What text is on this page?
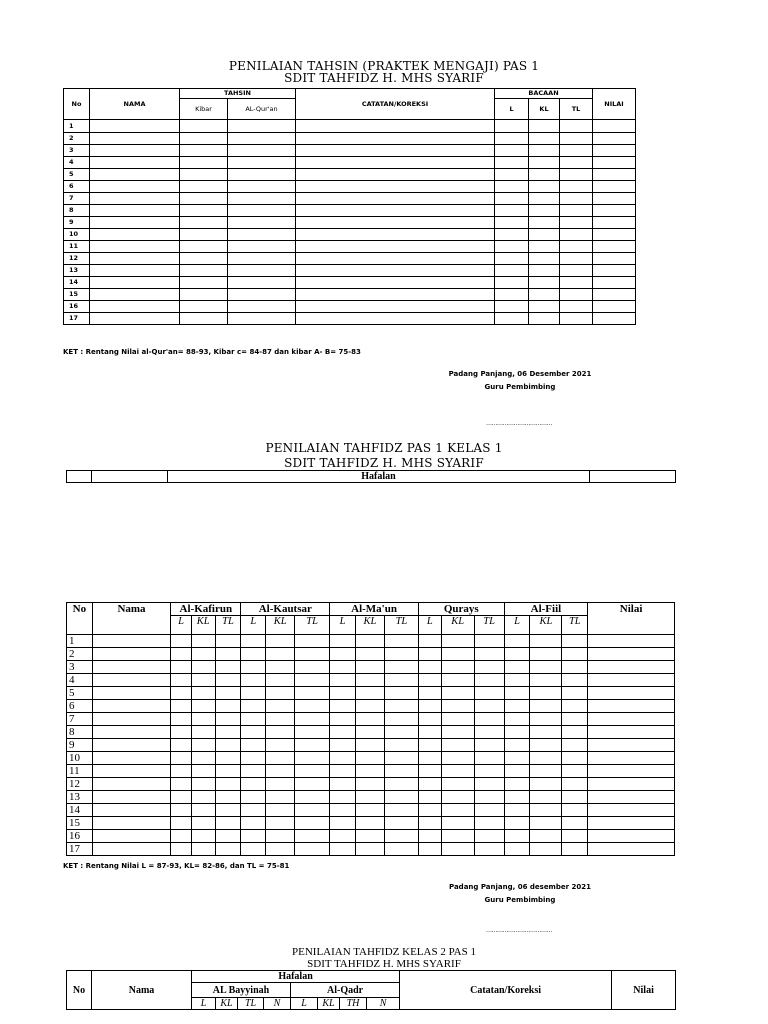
PENILAIAN TAHSIN (PRAKTEK MENGAJI) PAS 1
SDIT TAHFIDZ H. MHS SYARIF
No	NAMA	TAHSIN		CATATAN/KOREKSI	BACAAN			NILAI
		Kibar	AL-Qur'an		L	KL	TL	
1								
2								
3								
4								
5								
6								
7								
8								
9								
10								
11								
12								
13								
14								
15								
16								
17								
KET : Rentang Nilai al-Qur'an= 88-93, Kibar c= 84-87 dan kibar A- B= 75-83
Padang Panjang, 06 Desember 2021
Guru Pembimbing
………………………………
PENILAIAN TAHFIDZ PAS 1 KELAS 1
SDIT TAHFIDZ H. MHS SYARIF
		Hafalan	
No	Nama	Al-Kafirun			Al-Kautsar			Al-Ma'un			Qurays			Al-Fiil			Nilai
		L	KL	TL	L	KL	TL	L	KL	TL	L	KL	TL	L	KL	TL	
1																	
2																	
3																	
4																	
5																	
6																	
7																	
8																	
9																	
10																	
11																	
12																	
13																	
14																	
15																	
16																	
17																	
KET : Rentang Nilai L = 87-93, KL= 82-86, dan TL = 75-81
Padang Panjang, 06 desember 2021
Guru Pembimbing
………………………………
PENILAIAN TAHFIDZ KELAS 2 PAS 1
SDIT TAHFIDZ H. MHS SYARIF
No	Nama	Hafalan								Catatan/Koreksi	Nilai
		AL Bayyinah				Al-Qadr					
		L	KL	TL	N	L	KL	TH	N		
